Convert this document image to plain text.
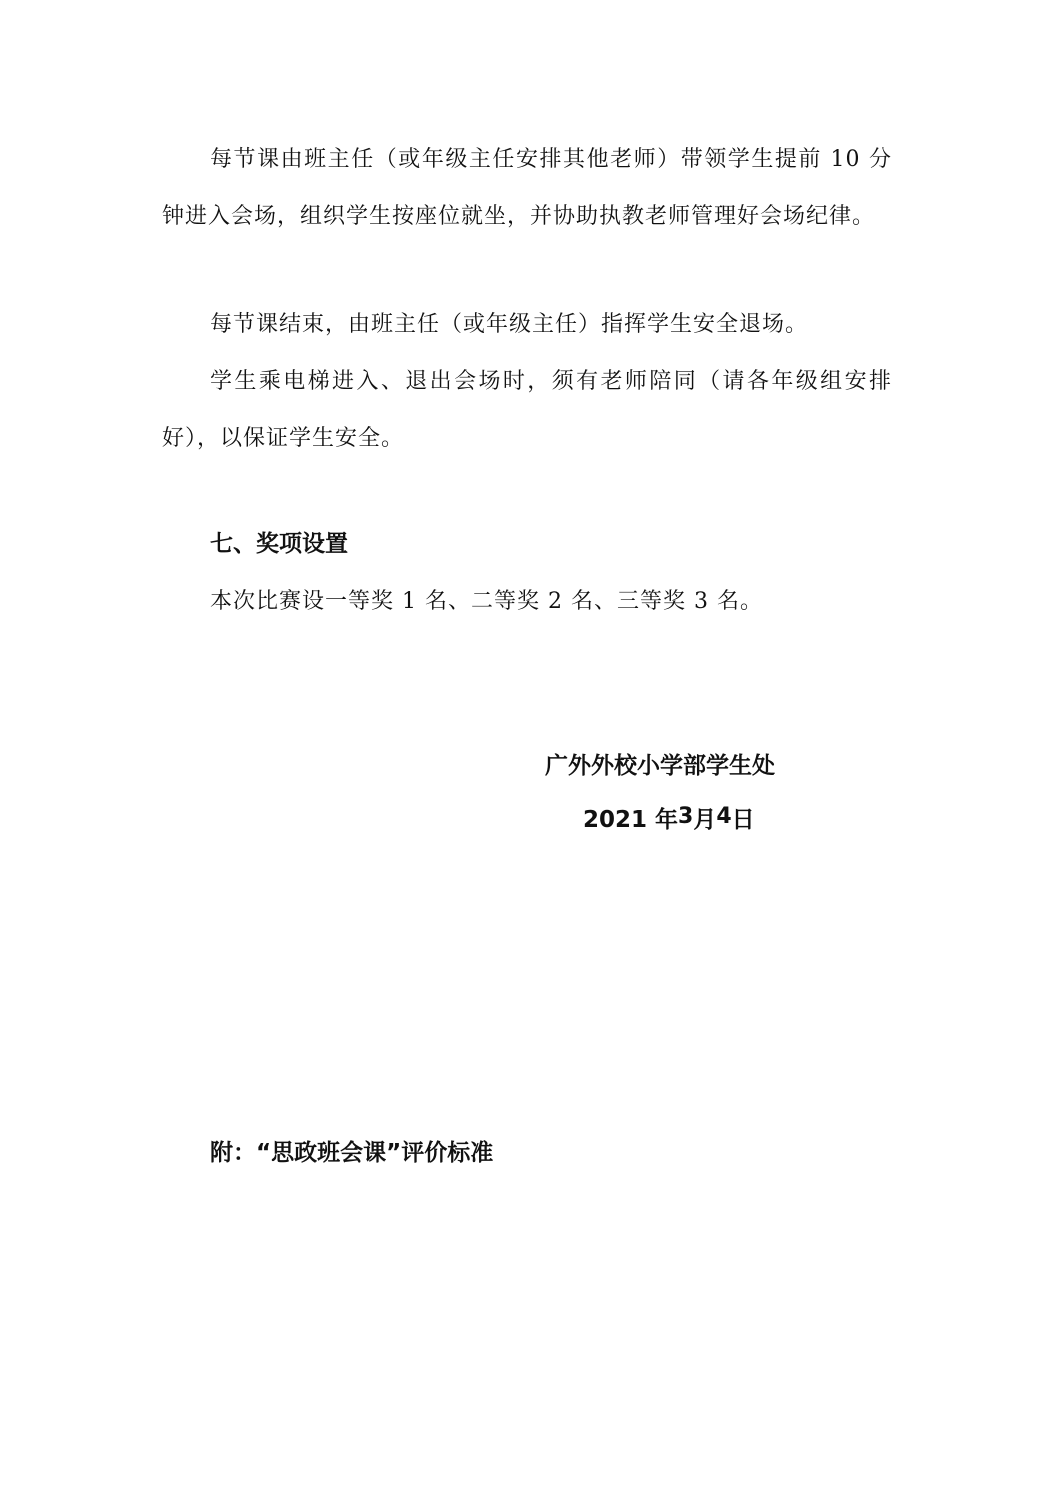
每节课由班主任（或年级主任安排其他老师）带领学生提前 10 分钟进入会场，组织学生按座位就坐，并协助执教老师管理好会场纪律。

每节课结束，由班主任（或年级主任）指挥学生安全退场。

学生乘电梯进入、退出会场时，须有老师陪同（请各年级组安排好），以保证学生安全。

七、奖项设置

本次比赛设一等奖 1 名、二等奖 2 名、三等奖 3 名。

广外外校小学部学生处
2021 年3月4日
附：“思政班会课”评价标准
